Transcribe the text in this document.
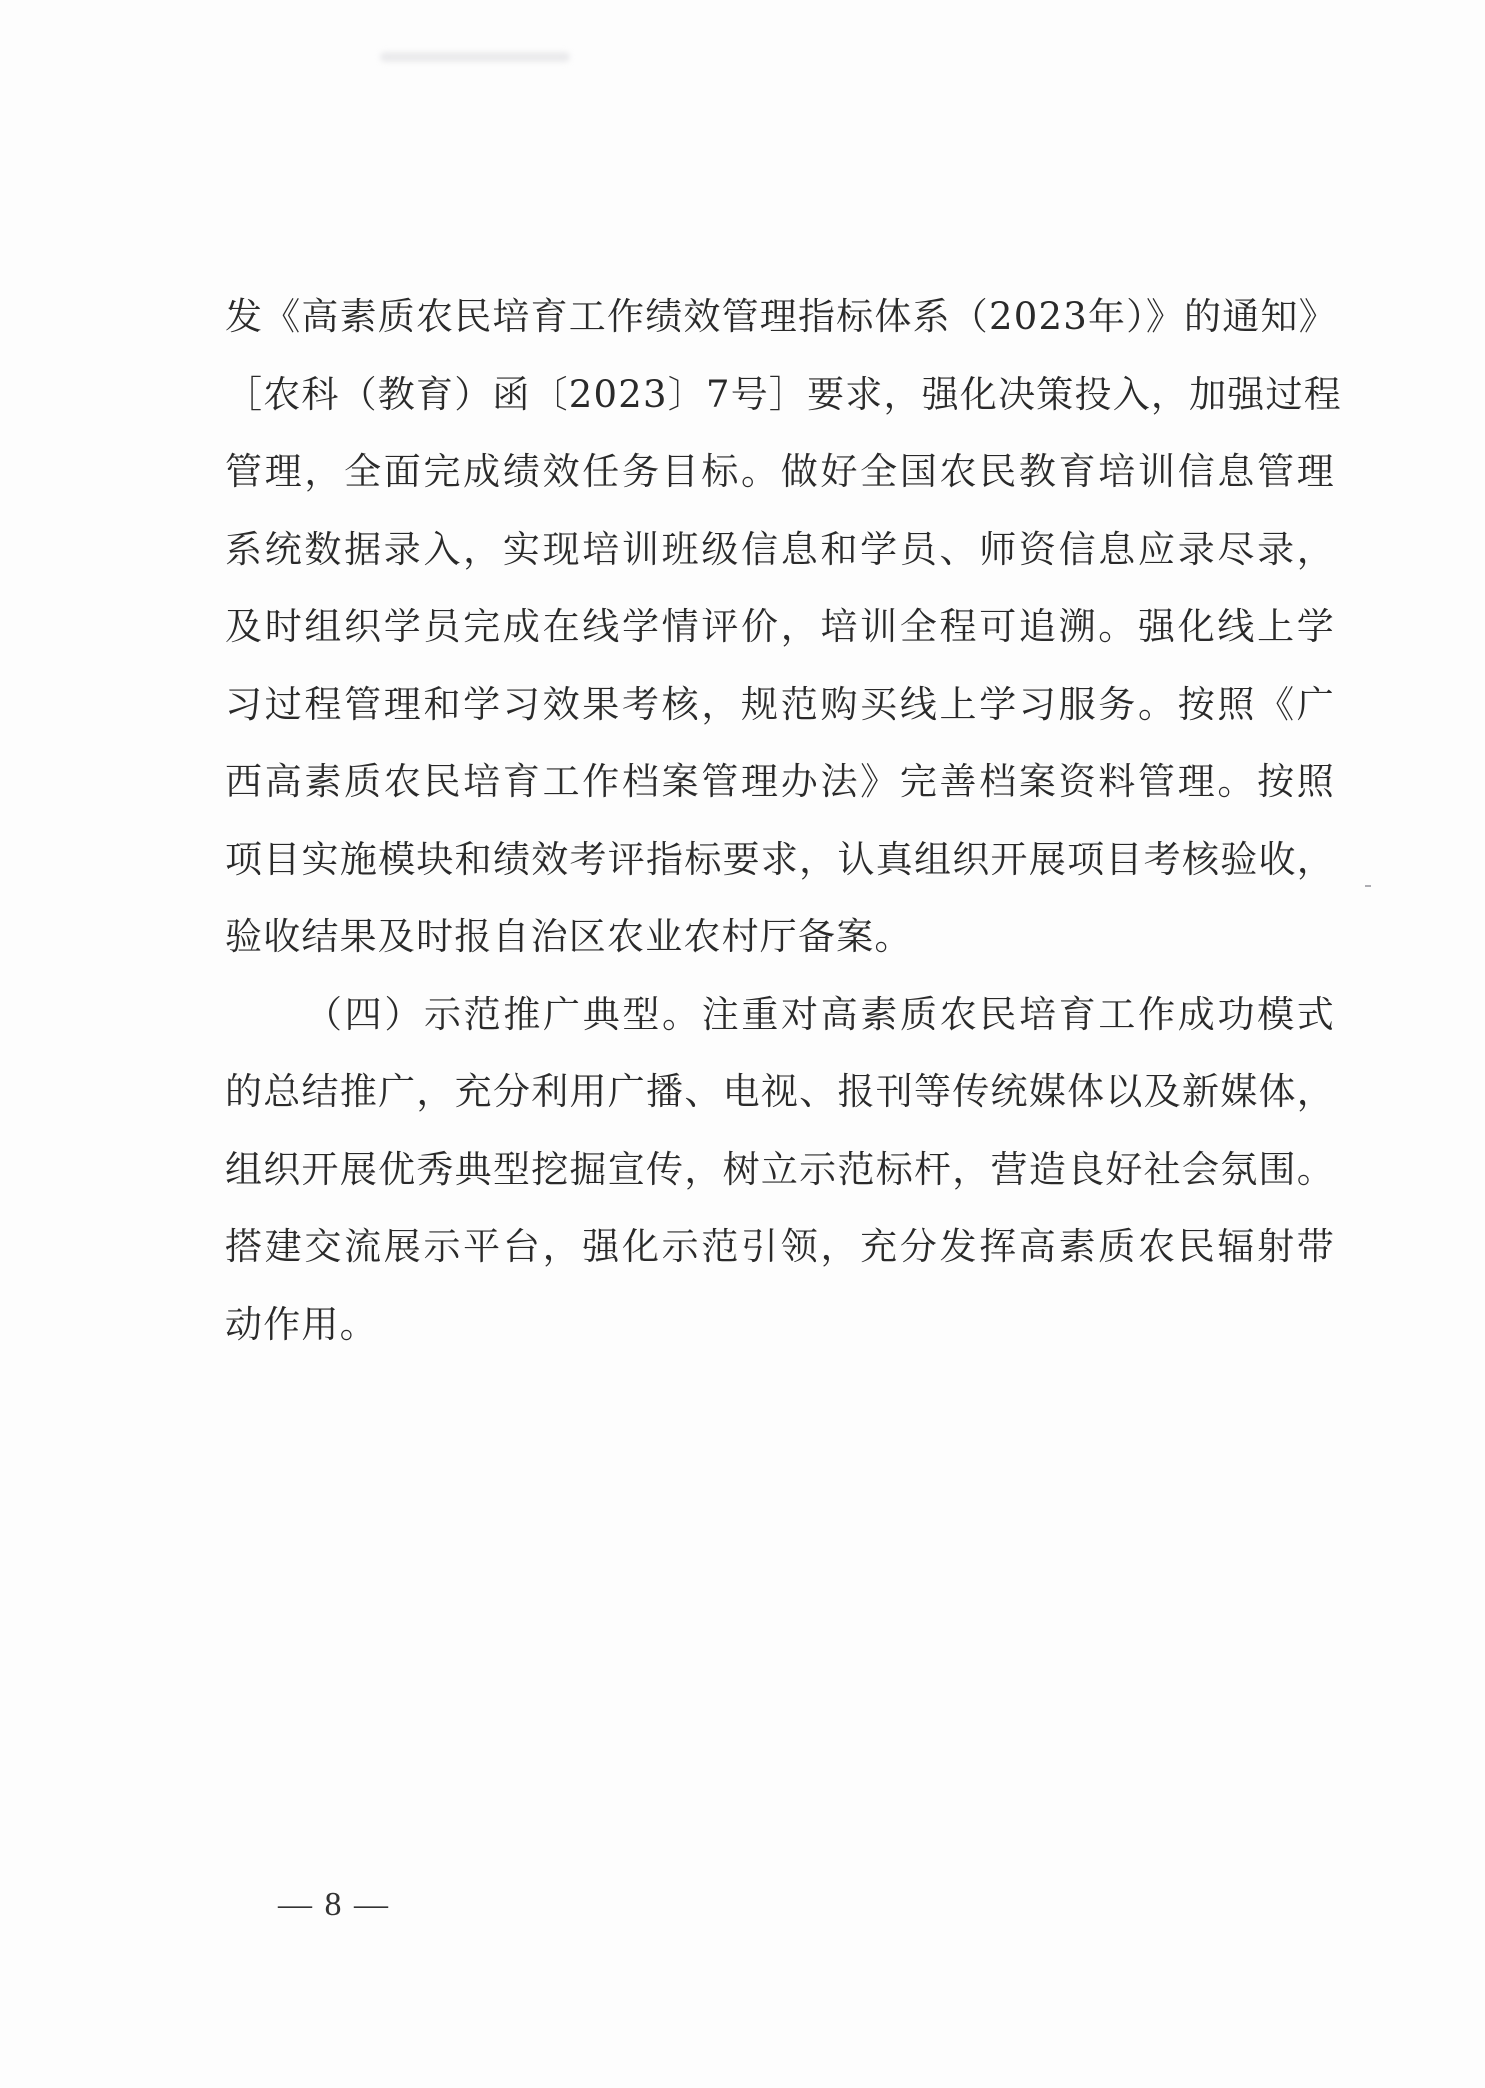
发《高素质农民培育工作绩效管理指标体系（2023年）》的通知》
［农科（教育）函〔2023〕7号］要求，强化决策投入，加强过程
管理，全面完成绩效任务目标。做好全国农民教育培训信息管理
系统数据录入，实现培训班级信息和学员、师资信息应录尽录，
及时组织学员完成在线学情评价，培训全程可追溯。强化线上学
习过程管理和学习效果考核，规范购买线上学习服务。按照《广
西高素质农民培育工作档案管理办法》完善档案资料管理。按照
项目实施模块和绩效考评指标要求，认真组织开展项目考核验收，
验收结果及时报自治区农业农村厅备案。
（四）示范推广典型。注重对高素质农民培育工作成功模式
的总结推广，充分利用广播、电视、报刊等传统媒体以及新媒体，
组织开展优秀典型挖掘宣传，树立示范标杆，营造良好社会氛围。
搭建交流展示平台，强化示范引领，充分发挥高素质农民辐射带
动作用。
— 8 —
